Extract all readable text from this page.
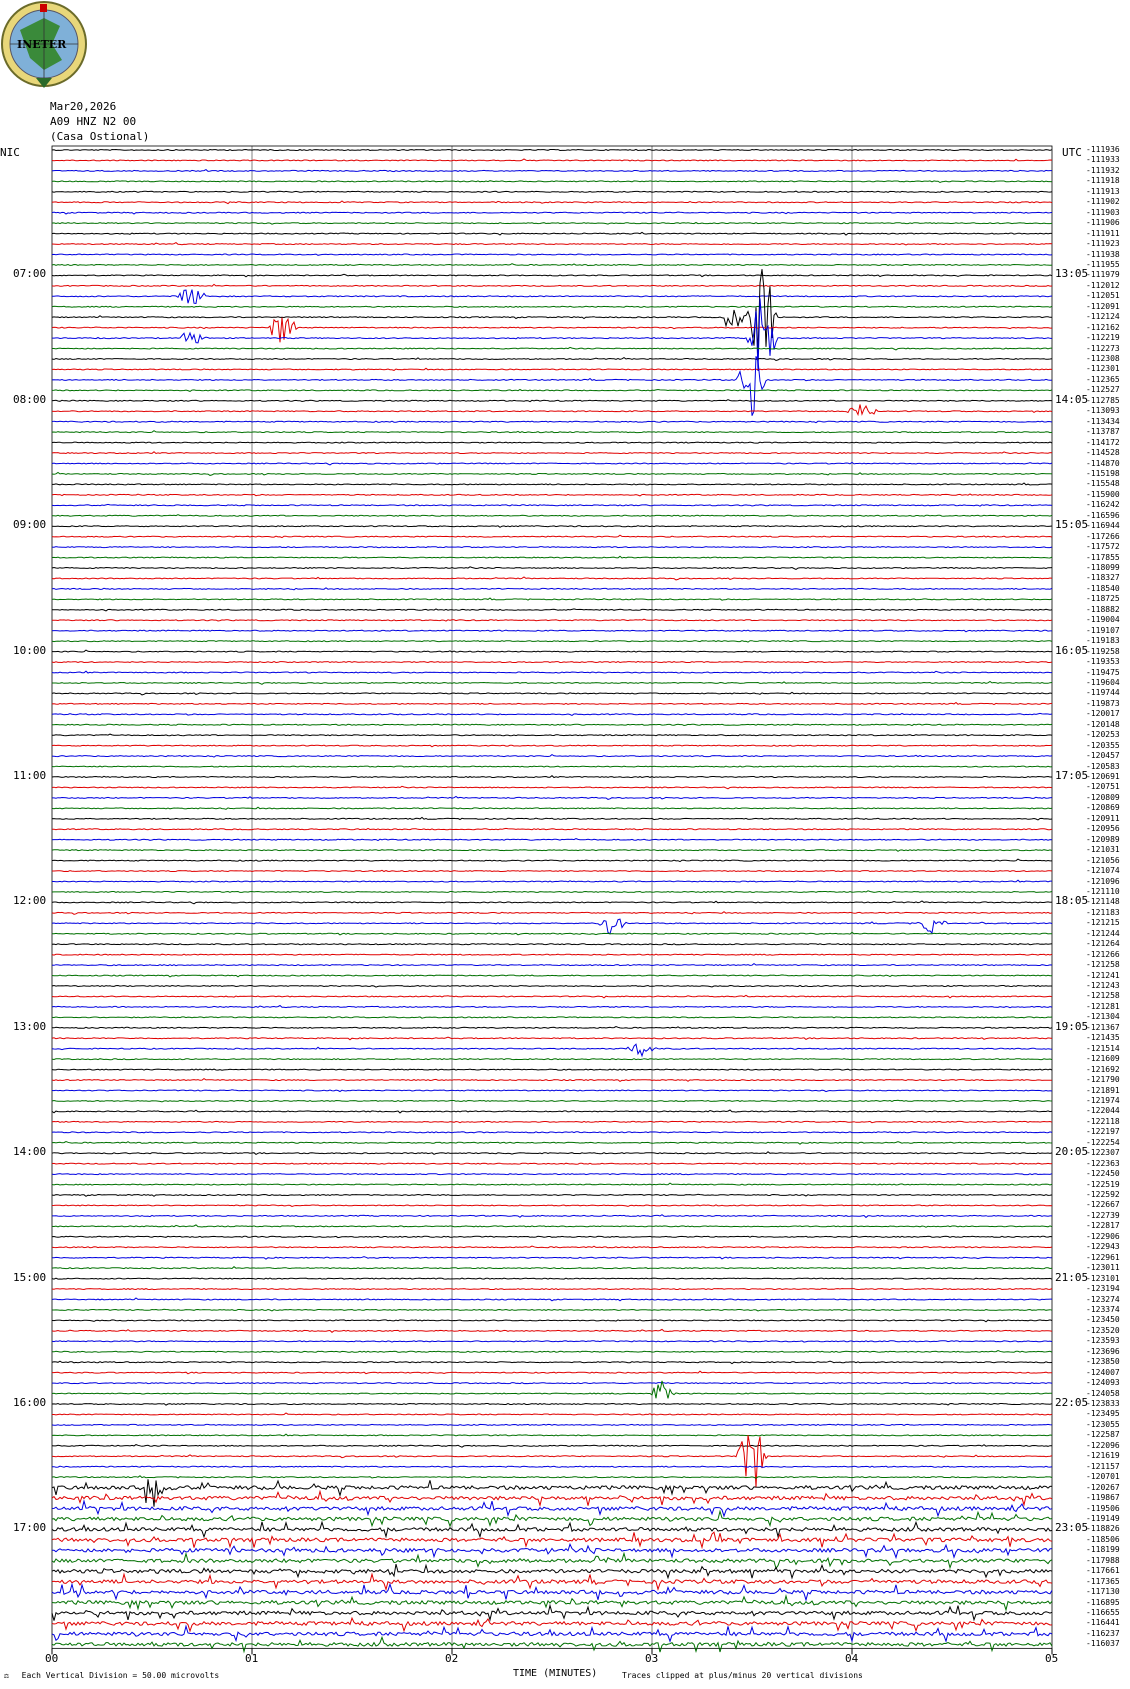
INETER
Mar20,2026
A09 HNZ N2 00
(Casa Ostional)
NIC	UTC
07:00
08:00
09:00
10:00
11:00
12:00
13:00
14:00
15:00
16:00
17:00
13:05
14:05
15:05
16:05
17:05
18:05
19:05
20:05
21:05
22:05
23:05
-111936
-111933
-111932
-111918
-111913
-111902
-111903
-111906
-111911
-111923
-111938
-111955
-111979
-112012
-112051
-112091
-112124
-112162
-112219
-112273
-112308
-112301
-112365
-112527
-112785
-113093
-113434
-113787
-114172
-114528
-114870
-115198
-115548
-115900
-116242
-116596
-116944
-117266
-117572
-117855
-118099
-118327
-118540
-118725
-118882
-119004
-119107
-119183
-119258
-119353
-119475
-119604
-119744
-119873
-120017
-120148
-120253
-120355
-120457
-120583
-120691
-120751
-120809
-120869
-120911
-120956
-120989
-121031
-121056
-121074
-121096
-121110
-121148
-121183
-121215
-121244
-121264
-121266
-121258
-121241
-121243
-121258
-121281
-121304
-121367
-121435
-121514
-121609
-121692
-121790
-121891
-121974
-122044
-122118
-122197
-122254
-122307
-122363
-122450
-122519
-122592
-122667
-122739
-122817
-122906
-122943
-122961
-123011
-123101
-123194
-123274
-123374
-123450
-123520
-123593
-123696
-123850
-124007
-124093
-124058
-123833
-123495
-123055
-122587
-122096
-121619
-121157
-120701
-120267
-119867
-119506
-119149
-118826
-118506
-118199
-117988
-117661
-117365
-117130
-116895
-116655
-116441
-116237
-116037
00	01	02	03	04	05
TIME (MINUTES)
⚖ Each Vertical Division = 50.00 microvolts	Traces clipped at plus/minus 20 vertical divisions
